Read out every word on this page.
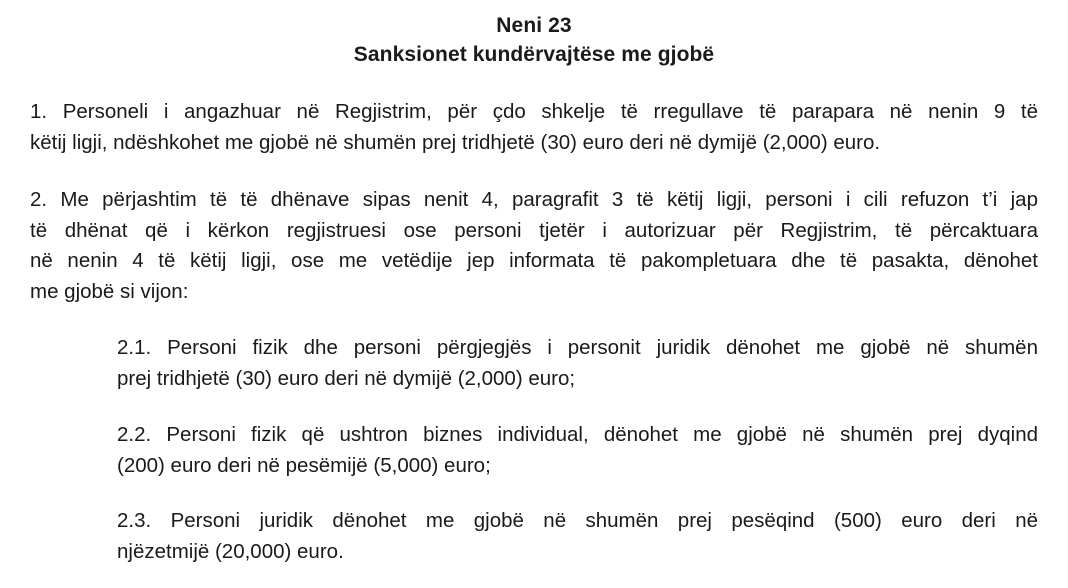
Neni 23
Sanksionet kundërvajtëse me gjobë
1. Personeli i angazhuar në Regjistrim, për çdo shkelje të rregullave të parapara në nenin 9 të
këtij ligji, ndëshkohet me gjobë në shumën prej tridhjetë (30) euro deri në dymijë (2,000) euro.
2. Me përjashtim të të dhënave sipas nenit 4, paragrafit 3 të këtij ligji, personi i cili refuzon t’i jap
të dhënat që i kërkon regjistruesi ose personi tjetër i autorizuar për Regjistrim, të përcaktuara
në nenin 4 të këtij ligji, ose me vetëdije jep informata të pakompletuara dhe të pasakta, dënohet
me gjobë si vijon:
2.1. Personi fizik dhe personi përgjegjës i personit juridik dënohet me gjobë në shumën
prej tridhjetë (30) euro deri në dymijë (2,000) euro;
2.2. Personi fizik që ushtron biznes individual, dënohet me gjobë në shumën prej dyqind
(200) euro deri në pesëmijë (5,000) euro;
2.3. Personi juridik dënohet me gjobë në shumën prej pesëqind (500) euro deri në
njëzetmijë (20,000) euro.
